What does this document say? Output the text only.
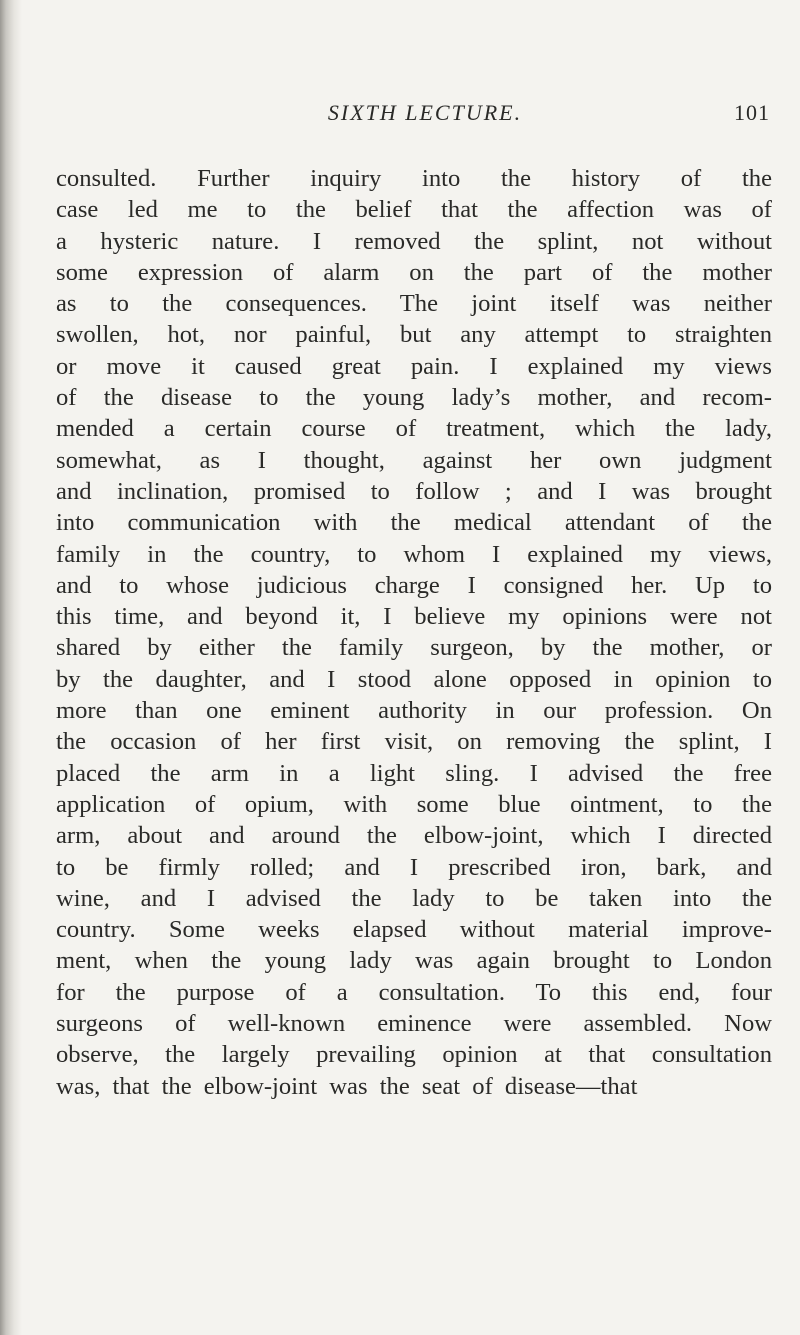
SIXTH LECTURE.	101
consulted. Further inquiry into the history of the
case led me to the belief that the affection was of
a hysteric nature. I removed the splint, not without
some expression of alarm on the part of the mother
as to the consequences. The joint itself was neither
swollen, hot, nor painful, but any attempt to straighten
or move it caused great pain. I explained my views
of the disease to the young lady’s mother, and recom-
mended a certain course of treatment, which the lady,
somewhat, as I thought, against her own judgment
and inclination, promised to follow ; and I was brought
into communication with the medical attendant of the
family in the country, to whom I explained my views,
and to whose judicious charge I consigned her. Up to
this time, and beyond it, I believe my opinions were not
shared by either the family surgeon, by the mother, or
by the daughter, and I stood alone opposed in opinion to
more than one eminent authority in our profession. On
the occasion of her first visit, on removing the splint, I
placed the arm in a light sling. I advised the free
application of opium, with some blue ointment, to the
arm, about and around the elbow-joint, which I directed
to be firmly rolled; and I prescribed iron, bark, and
wine, and I advised the lady to be taken into the
country. Some weeks elapsed without material improve-
ment, when the young lady was again brought to London
for the purpose of a consultation. To this end, four
surgeons of well-known eminence were assembled. Now
observe, the largely prevailing opinion at that consultation
was, that the elbow-joint was the seat of disease—that
